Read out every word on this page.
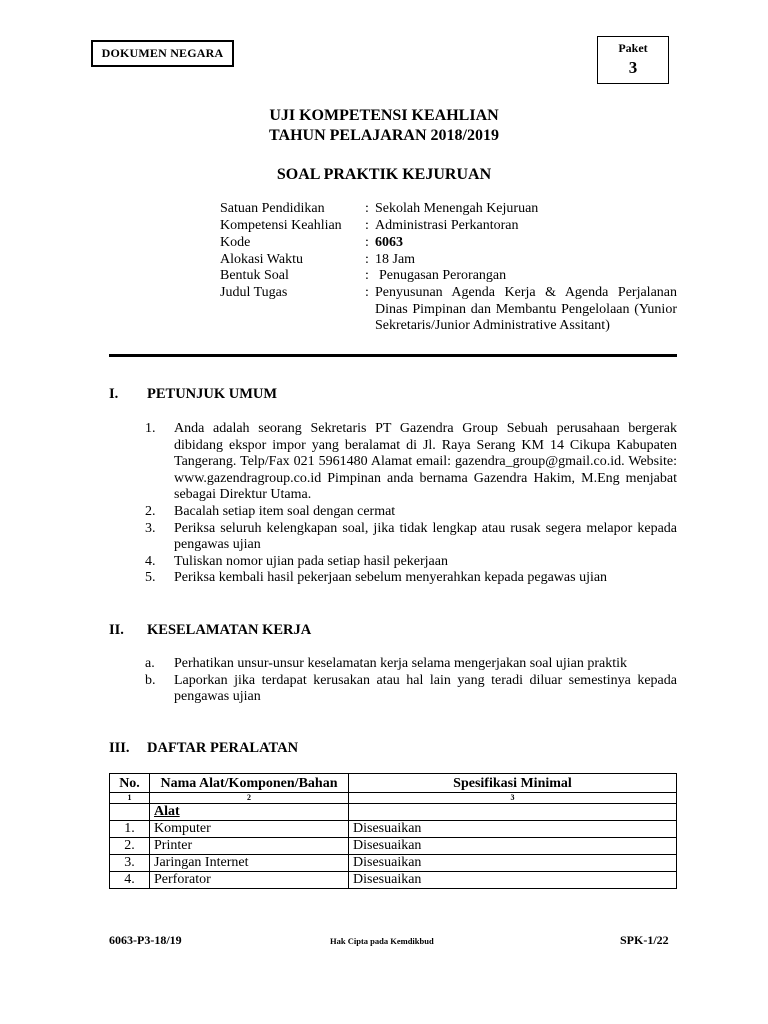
DOKUMEN NEGARA	Paket
3
UJI KOMPETENSI KEAHLIAN
TAHUN PELAJARAN 2018/2019
SOAL PRAKTIK KEJURUAN
Satuan Pendidikan	: Sekolah Menengah Kejuruan
Kompetensi Keahlian	: Administrasi Perkantoran
Kode	: 6063
Alokasi Waktu	: 18 Jam
Bentuk Soal	: Penugasan Perorangan
Judul Tugas	: Penyusunan Agenda Kerja & Agenda Perjalanan Dinas Pimpinan dan Membantu Pengelolaan (Yunior Sekretaris/Junior Administrative Assitant)
I. PETUNJUK UMUM
1. Anda adalah seorang Sekretaris PT Gazendra Group Sebuah perusahaan bergerak dibidang ekspor impor yang beralamat di Jl. Raya Serang KM 14 Cikupa Kabupaten Tangerang. Telp/Fax 021 5961480 Alamat email: gazendra_group@gmail.co.id. Website: www.gazendragroup.co.id Pimpinan anda bernama Gazendra Hakim, M.Eng menjabat sebagai Direktur Utama.
2. Bacalah setiap item soal dengan cermat
3. Periksa seluruh kelengkapan soal, jika tidak lengkap atau rusak segera melapor kepada pengawas ujian
4. Tuliskan nomor ujian pada setiap hasil pekerjaan
5. Periksa kembali hasil pekerjaan sebelum menyerahkan kepada pegawas ujian
II. KESELAMATAN KERJA
a. Perhatikan unsur-unsur keselamatan kerja selama mengerjakan soal ujian praktik
b. Laporkan jika terdapat kerusakan atau hal lain yang teradi diluar semestinya kepada pengawas ujian
III. DAFTAR PERALATAN
No.	Nama Alat/Komponen/Bahan	Spesifikasi Minimal
1	2	3
	Alat	
1.	Komputer	Disesuaikan
2.	Printer	Disesuaikan
3.	Jaringan Internet	Disesuaikan
4.	Perforator	Disesuaikan
6063-P3-18/19	Hak Cipta pada Kemdikbud	SPK-1/22
